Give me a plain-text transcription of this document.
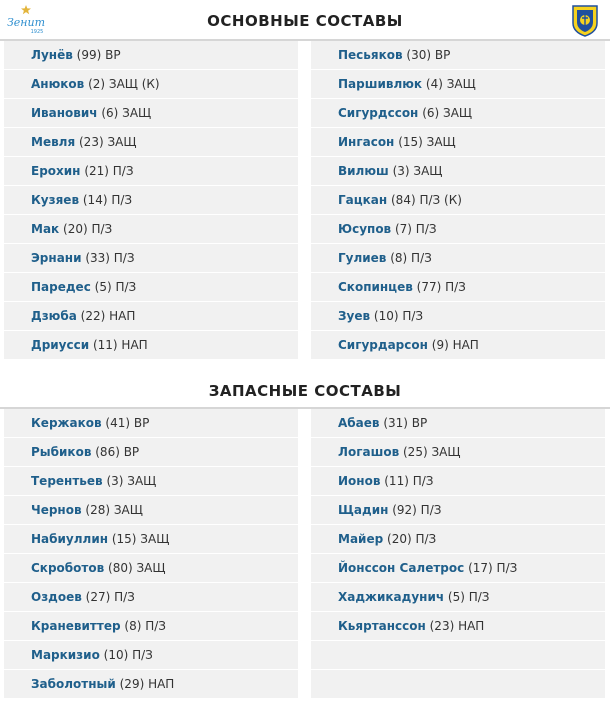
Зенит
1925
ОСНОВНЫЕ СОСТАВЫ
Лунёв (99) ВР
Анюков (2) ЗАЩ (К)
Иванович (6) ЗАЩ
Мевля (23) ЗАЩ
Ерохин (21) П/З
Кузяев (14) П/З
Мак (20) П/З
Эрнани (33) П/З
Паредес (5) П/З
Дзюба (22) НАП
Дриусси (11) НАП
Песьяков (30) ВР
Паршивлюк (4) ЗАЩ
Сигурдссон (6) ЗАЩ
Ингасон (15) ЗАЩ
Вилюш (3) ЗАЩ
Гацкан (84) П/З (К)
Юсупов (7) П/З
Гулиев (8) П/З
Скопинцев (77) П/З
Зуев (10) П/З
Сигурдарсон (9) НАП
ЗАПАСНЫЕ СОСТАВЫ
Кержаков (41) ВР
Рыбиков (86) ВР
Терентьев (3) ЗАЩ
Чернов (28) ЗАЩ
Набиуллин (15) ЗАЩ
Скроботов (80) ЗАЩ
Оздоев (27) П/З
Краневиттер (8) П/З
Маркизио (10) П/З
Заболотный (29) НАП
Абаев (31) ВР
Логашов (25) ЗАЩ
Ионов (11) П/З
Щадин (92) П/З
Майер (20) П/З
Йонссон Салетрос (17) П/З
Хаджикадунич (5) П/З
Кьяртанссон (23) НАП
